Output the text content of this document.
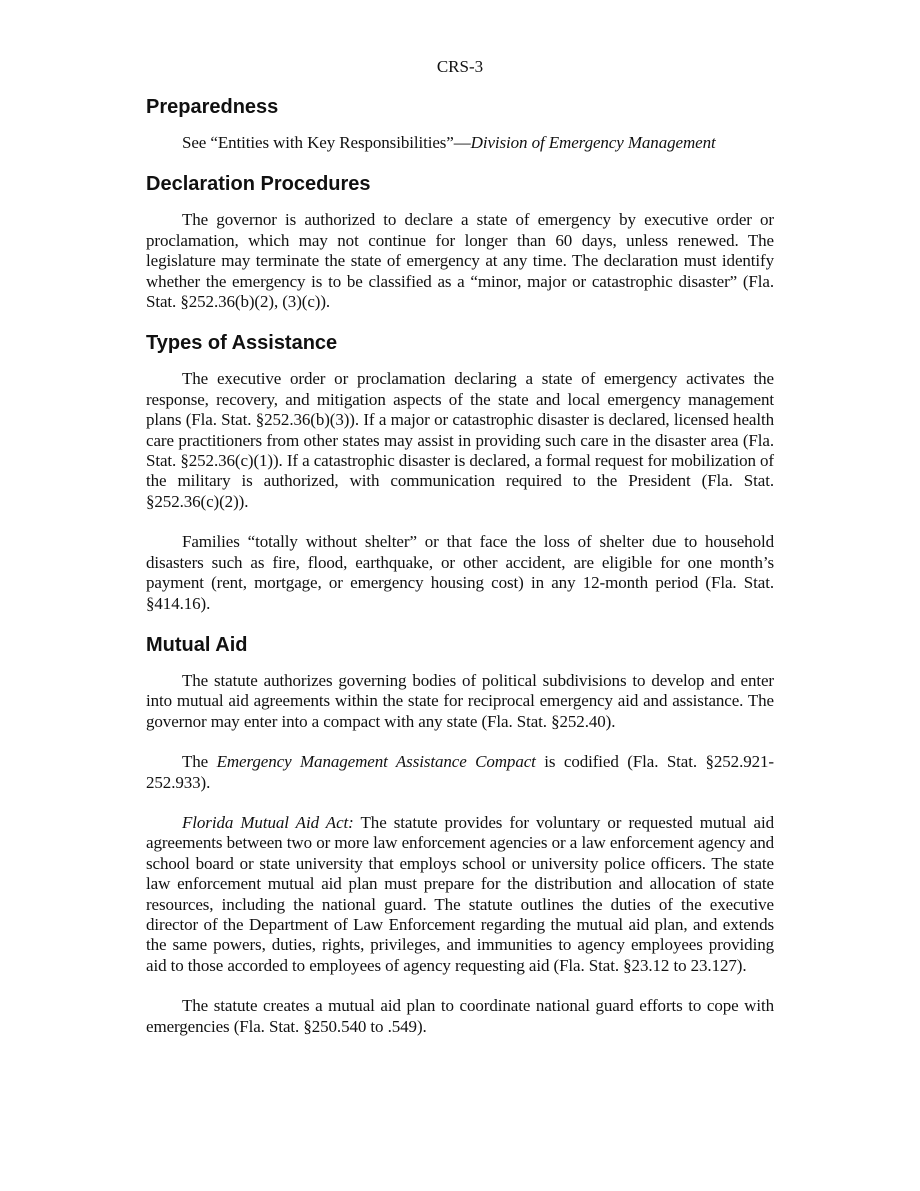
CRS-3
Preparedness

See “Entities with Key Responsibilities”—Division of Emergency Management

Declaration Procedures

The governor is authorized to declare a state of emergency by executive order or proclamation, which may not continue for longer than 60 days, unless renewed. The legislature may terminate the state of emergency at any time. The declaration must identify whether the emergency is to be classified as a “minor, major or catastrophic disaster” (Fla. Stat. §252.36(b)(2), (3)(c)).

Types of Assistance

The executive order or proclamation declaring a state of emergency activates the response, recovery, and mitigation aspects of the state and local emergency management plans (Fla. Stat. §252.36(b)(3)). If a major or catastrophic disaster is declared, licensed health care practitioners from other states may assist in providing such care in the disaster area (Fla. Stat. §252.36(c)(1)). If a catastrophic disaster is declared, a formal request for mobilization of the military is authorized, with communication required to the President (Fla. Stat. §252.36(c)(2)).

Families “totally without shelter” or that face the loss of shelter due to household disasters such as fire, flood, earthquake, or other accident, are eligible for one month’s payment (rent, mortgage, or emergency housing cost) in any 12-month period (Fla. Stat. §414.16).

Mutual Aid

The statute authorizes governing bodies of political subdivisions to develop and enter into mutual aid agreements within the state for reciprocal emergency aid and assistance. The governor may enter into a compact with any state (Fla. Stat. §252.40).

The Emergency Management Assistance Compact is codified (Fla. Stat. §252.921-252.933).

Florida Mutual Aid Act: The statute provides for voluntary or requested mutual aid agreements between two or more law enforcement agencies or a law enforcement agency and school board or state university that employs school or university police officers. The state law enforcement mutual aid plan must prepare for the distribution and allocation of state resources, including the national guard. The statute outlines the duties of the executive director of the Department of Law Enforcement regarding the mutual aid plan, and extends the same powers, duties, rights, privileges, and immunities to agency employees providing aid to those accorded to employees of agency requesting aid (Fla. Stat. §23.12 to 23.127).

The statute creates a mutual aid plan to coordinate national guard efforts to cope with emergencies (Fla. Stat. §250.540 to .549).
